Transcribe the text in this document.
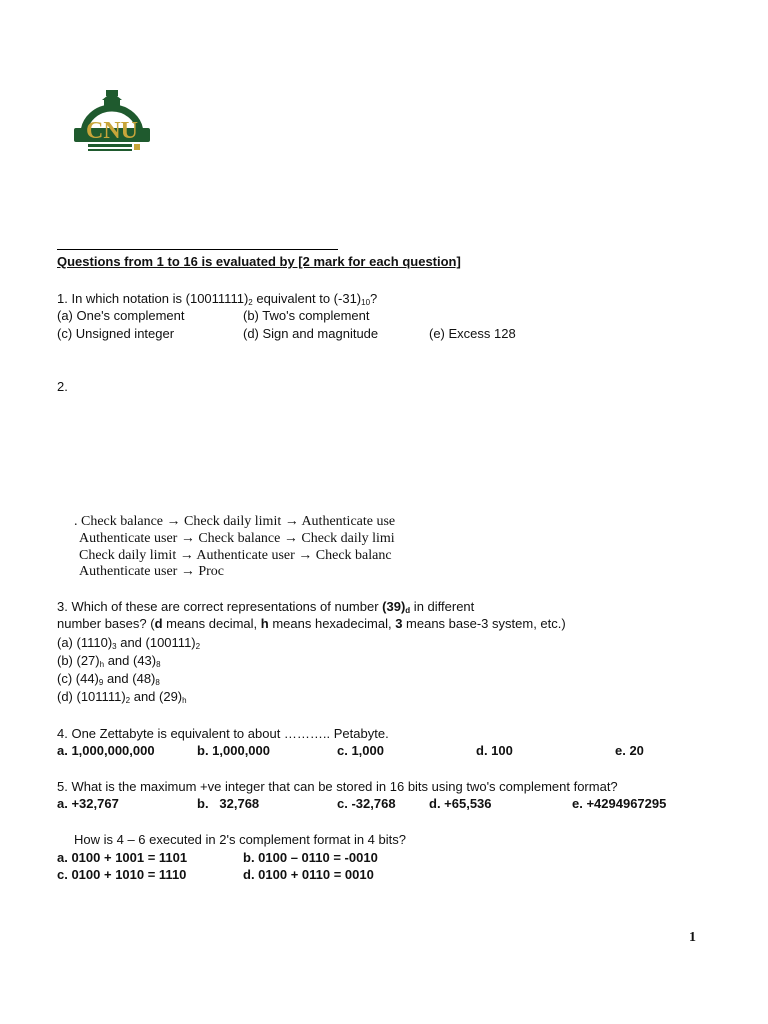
CNU
Questions from 1 to 16 is evaluated by [2 mark for each question]
1. In which notation is $(10011111)_2$ equivalent to $(-31)_{10}$?
(a) One's complement	(b) Two's complement
(c) Unsigned integer	(d) Sign and magnitude	(e) Excess 128
2.
. Check balance → Check daily limit → Authenticate use
Authenticate user → Check balance → Check daily limi
Check daily limit → Authenticate user → Check balanc
Authenticate user → Proc
3. Which of these are correct representations of number $(39)_d$ in different
number bases? (d means decimal, h means hexadecimal, 3 means base-3 system, etc.)
(a) $(1110)_3$ and $(100111)_2$
(b) $(27)_h$ and $(43)_8$
(c) $(44)_9$ and $(48)_8$
(d) $(101111)_2$ and $(29)_h$
4. One Zettabyte is equivalent to about ……….. Petabyte.
a. 1,000,000,000	b. 1,000,000	c. 1,000	d. 100	e. 20
5. What is the maximum +ve integer that can be stored in 16 bits using two's complement format?
a. +32,767	b.   32,768	c. -32,768	d. +65,536	e. +4294967295
How is 4 – 6 executed in 2's complement format in 4 bits?
a. 0100 + 1001 = 1101	b. 0100 – 0110 = -0010
c. 0100 + 1010 = 1110	d. 0100 + 0110 = 0010
1
